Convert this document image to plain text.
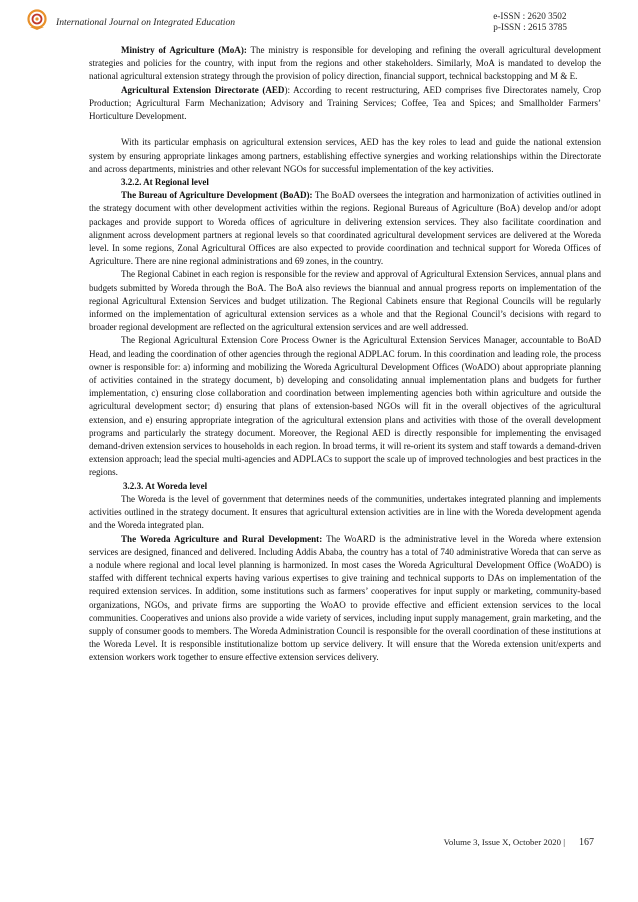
International Journal on Integrated Education
e-ISSN : 2620 3502
p-ISSN : 2615 3785

Ministry of Agriculture (MoA): The ministry is responsible for developing and refining the overall agricultural development strategies and policies for the country, with input from the regions and other stakeholders. Similarly, MoA is mandated to develop the national agricultural extension strategy through the provision of policy direction, financial support, technical backstopping and M & E.

Agricultural Extension Directorate (AED): According to recent restructuring, AED comprises five Directorates namely, Crop Production; Agricultural Farm Mechanization; Advisory and Training Services; Coffee, Tea and Spices; and Smallholder Farmers’ Horticulture Development.

With its particular emphasis on agricultural extension services, AED has the key roles to lead and guide the national extension system by ensuring appropriate linkages among partners, establishing effective synergies and working relationships within the Directorate and across departments, ministries and other relevant NGOs for successful implementation of the key activities.

3.2.2. At Regional level

The Bureau of Agriculture Development (BoAD): The BoAD oversees the integration and harmonization of activities outlined in the strategy document with other development activities within the regions. Regional Bureaus of Agriculture (BoA) develop and/or adopt packages and provide support to Woreda offices of agriculture in delivering extension services. They also facilitate coordination and alignment across development partners at regional levels so that coordinated agricultural development services are delivered at the Woreda level. In some regions, Zonal Agricultural Offices are also expected to provide coordination and technical support for Woreda Offices of Agriculture. There are nine regional administrations and 69 zones, in the country.

The Regional Cabinet in each region is responsible for the review and approval of Agricultural Extension Services, annual plans and budgets submitted by Woreda through the BoA. The BoA also reviews the biannual and annual progress reports on implementation of the regional Agricultural Extension Services and budget utilization. The Regional Cabinets ensure that Regional Councils will be regularly informed on the implementation of agricultural extension services as a whole and that the Regional Council’s decisions with regard to broader regional development are reflected on the agricultural extension services and are well addressed.

The Regional Agricultural Extension Core Process Owner is the Agricultural Extension Services Manager, accountable to BoAD Head, and leading the coordination of other agencies through the regional ADPLAC forum. In this coordination and leading role, the process owner is responsible for: a) informing and mobilizing the Woreda Agricultural Development Offices (WoADO) about appropriate planning of activities contained in the strategy document, b) developing and consolidating annual implementation plans and budgets for further implementation, c) ensuring close collaboration and coordination between implementing agencies both within agriculture and outside the agricultural development sector; d) ensuring that plans of extension-based NGOs will fit in the overall objectives of the agricultural extension, and e) ensuring appropriate integration of the agricultural extension plans and activities with those of the overall development programs and particularly the strategy document. Moreover, the Regional AED is directly responsible for implementing the envisaged demand-driven extension services to households in each region. In broad terms, it will re-orient its system and staff towards a demand-driven extension approach; lead the special multi-agencies and ADPLACs to support the scale up of improved technologies and best practices in the regions.

3.2.3. At Woreda level

The Woreda is the level of government that determines needs of the communities, undertakes integrated planning and implements activities outlined in the strategy document. It ensures that agricultural extension activities are in line with the Woreda development agenda and the Woreda integrated plan.

The Woreda Agriculture and Rural Development: The WoARD is the administrative level in the Woreda where extension services are designed, financed and delivered. Including Addis Ababa, the country has a total of 740 administrative Woreda that can serve as a nodule where regional and local level planning is harmonized. In most cases the Woreda Agricultural Development Office (WoADO) is staffed with different technical experts having various expertises to give training and technical supports to DAs on implementation of the required extension services. In addition, some institutions such as farmers’ cooperatives for input supply or marketing, community-based organizations, NGOs, and private firms are supporting the WoAO to provide effective and efficient extension services to the local communities. Cooperatives and unions also provide a wide variety of services, including input supply management, grain marketing, and the supply of consumer goods to members. The Woreda Administration Council is responsible for the overall coordination of these institutions at the Woreda Level. It is responsible institutionalize bottom up service delivery. It will ensure that the Woreda extension unit/experts and extension workers work together to ensure effective extension services delivery.

Volume 3, Issue X, October 2020 | 167
